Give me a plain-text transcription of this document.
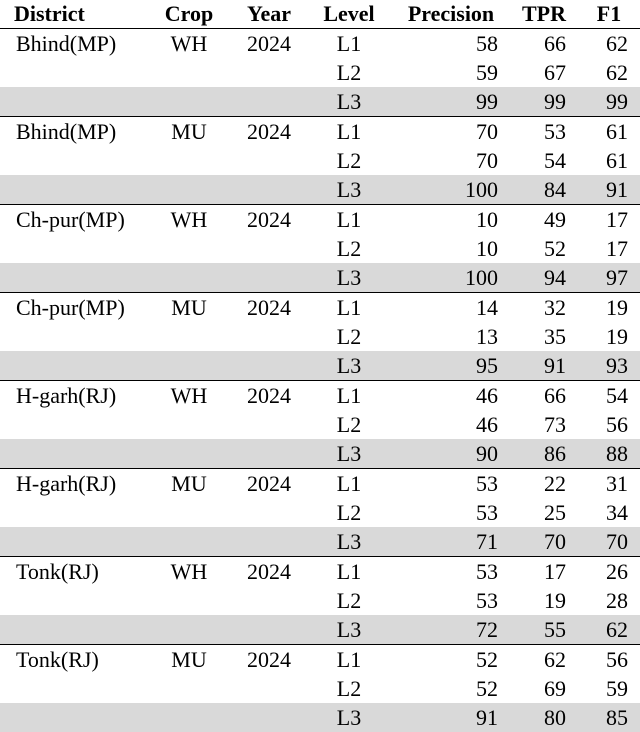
District	Crop	Year	Level	Precision	TPR	F1
Bhind(MP)	WH	2024	L1	58	66	62
			L2	59	67	62
			L3	99	99	99
Bhind(MP)	MU	2024	L1	70	53	61
			L2	70	54	61
			L3	100	84	91
Ch-pur(MP)	WH	2024	L1	10	49	17
			L2	10	52	17
			L3	100	94	97
Ch-pur(MP)	MU	2024	L1	14	32	19
			L2	13	35	19
			L3	95	91	93
H-garh(RJ)	WH	2024	L1	46	66	54
			L2	46	73	56
			L3	90	86	88
H-garh(RJ)	MU	2024	L1	53	22	31
			L2	53	25	34
			L3	71	70	70
Tonk(RJ)	WH	2024	L1	53	17	26
			L2	53	19	28
			L3	72	55	62
Tonk(RJ)	MU	2024	L1	52	62	56
			L2	52	69	59
			L3	91	80	85
